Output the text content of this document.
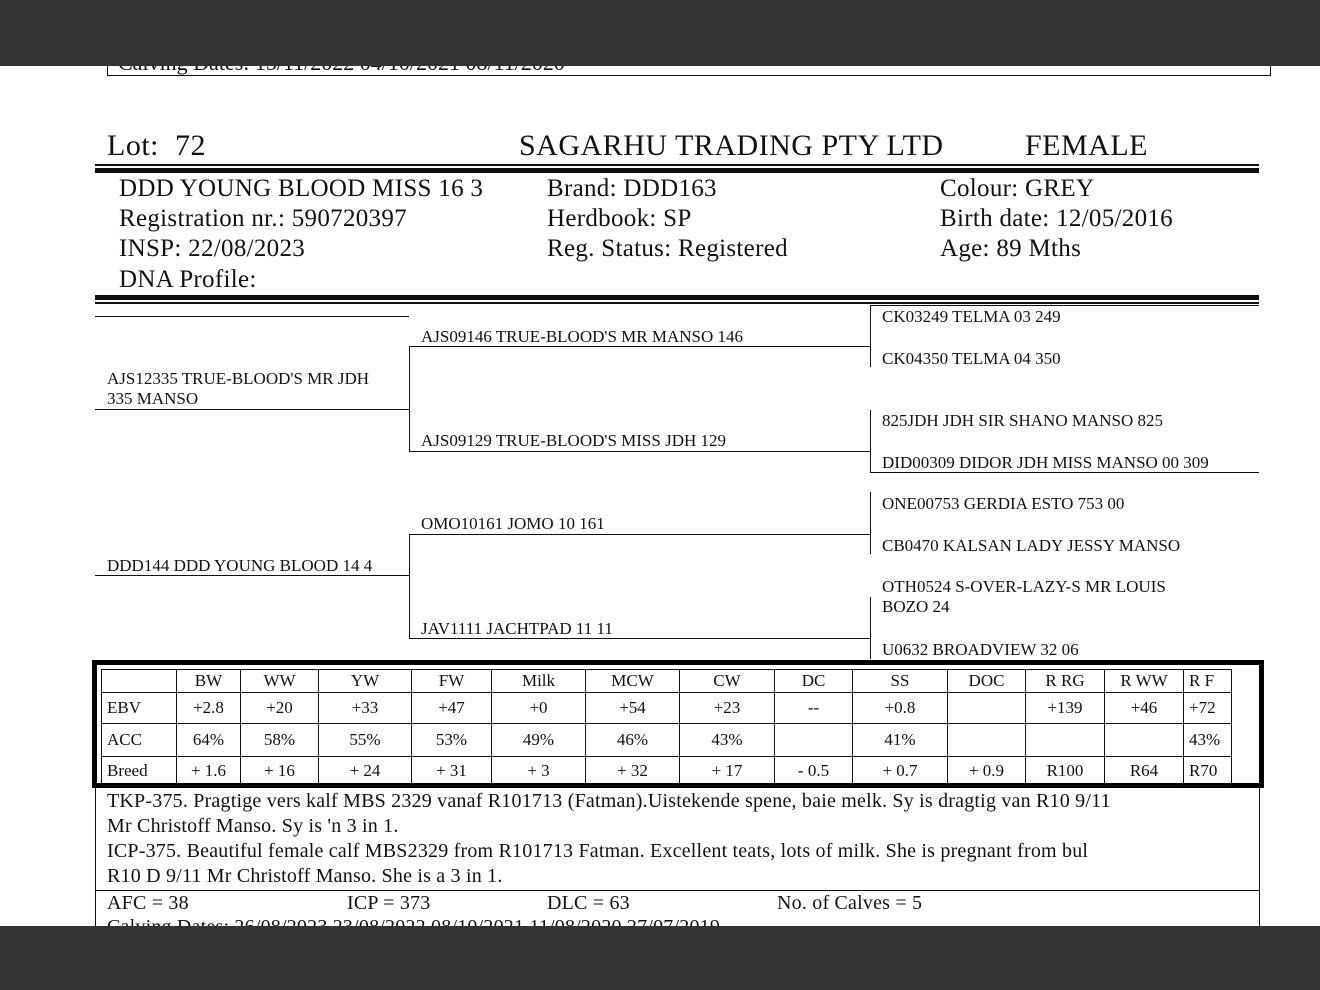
Lot: 72	SAGARHU TRADING PTY LTD	FEMALE
DDD YOUNG BLOOD MISS 16 3
Registration nr.: 590720397
INSP: 22/08/2023
DNA Profile:
Brand: DDD163
Herdbook: SP
Reg. Status: Registered
Colour: GREY
Birth date: 12/05/2016
Age: 89 Mths
AJS12335 TRUE-BLOOD'S MR JDH
335 MANSO
DDD144 DDD YOUNG BLOOD 14 4
AJS09146 TRUE-BLOOD'S MR MANSO 146
AJS09129 TRUE-BLOOD'S MISS JDH 129
OMO10161 JOMO 10 161
JAV1111 JACHTPAD 11 11
CK03249 TELMA 03 249
CK04350 TELMA 04 350
825JDH JDH SIR SHANO MANSO 825
DID00309 DIDOR JDH MISS MANSO 00 309
ONE00753 GERDIA ESTO 753 00
CB0470 KALSAN LADY JESSY MANSO
OTH0524 S-OVER-LAZY-S MR LOUIS
BOZO 24
U0632 BROADVIEW 32 06
	BW	WW	YW	FW	Milk	MCW	CW	DC	SS	DOC	R RG	R WW	R F
EBV	+2.8	+20	+33	+47	+0	+54	+23	--	+0.8		+139	+46	+72
ACC	64%	58%	55%	53%	49%	46%	43%		41%				43%
Breed	+ 1.6	+ 16	+ 24	+ 31	+ 3	+ 32	+ 17	- 0.5	+ 0.7	+ 0.9	R100	R64	R70
TKP-375. Pragtige vers kalf MBS 2329 vanaf R101713 (Fatman).Uistekende spene, baie melk. Sy is dragtig van R10 9/11
Mr Christoff Manso. Sy is 'n 3 in 1.
ICP-375. Beautiful female calf MBS2329 from R101713 Fatman. Excellent teats, lots of milk. She is pregnant from bul
R10 D 9/11 Mr Christoff Manso. She is a 3 in 1.
AFC = 38	ICP = 373	DLC = 63	No. of Calves = 5
